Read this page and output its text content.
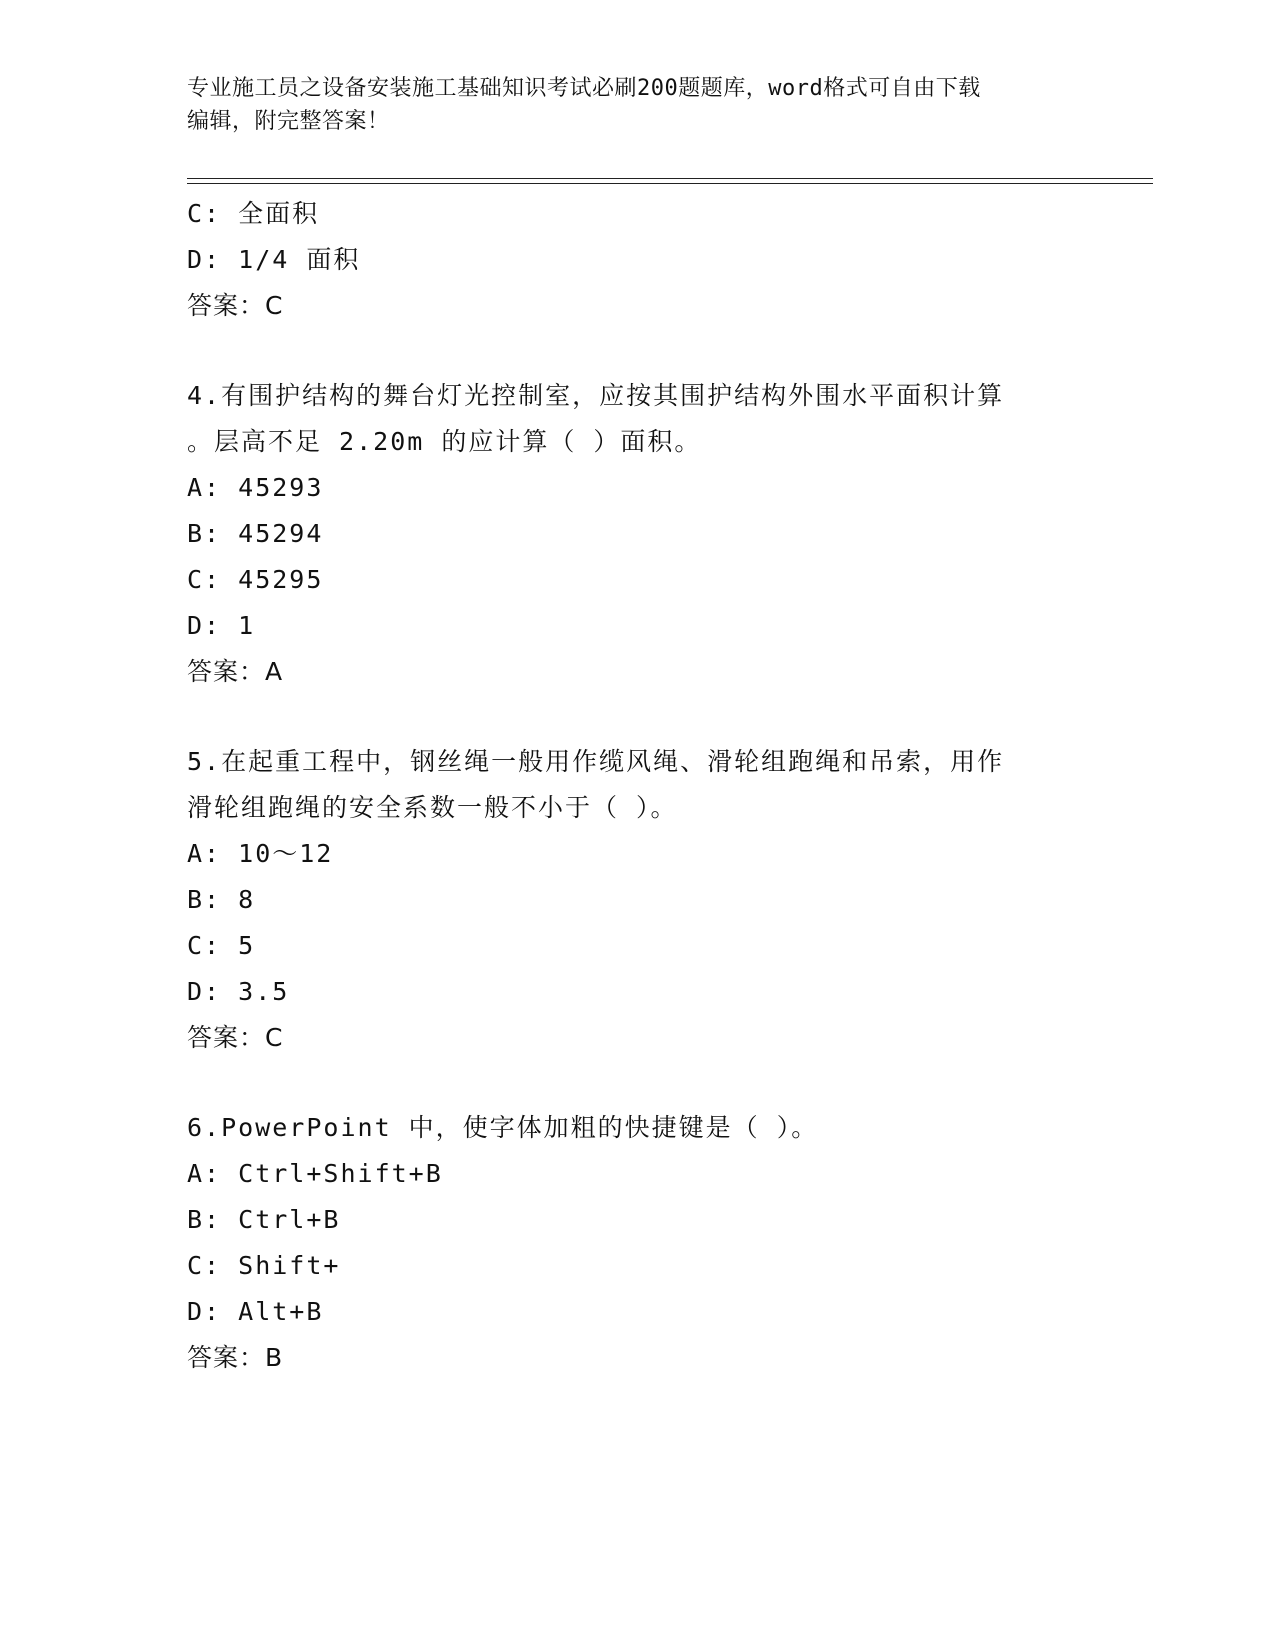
专业施工员之设备安装施工基础知识考试必刷200题题库，word格式可自由下载
编辑，附完整答案！
C: 全面积
D: 1/4 面积
答案：C
4.有围护结构的舞台灯光控制室，应按其围护结构外围水平面积计算
。层高不足 2.20m 的应计算（ ）面积。
A: 45293
B: 45294
C: 45295
D: 1
答案：A
5.在起重工程中，钢丝绳一般用作缆风绳、滑轮组跑绳和吊索，用作
滑轮组跑绳的安全系数一般不小于（ ）。
A: 10～12
B: 8
C: 5
D: 3.5
答案：C
6.PowerPoint 中，使字体加粗的快捷键是（ ）。
A: Ctrl+Shift+B
B: Ctrl+B
C: Shift+
D: Alt+B
答案：B
